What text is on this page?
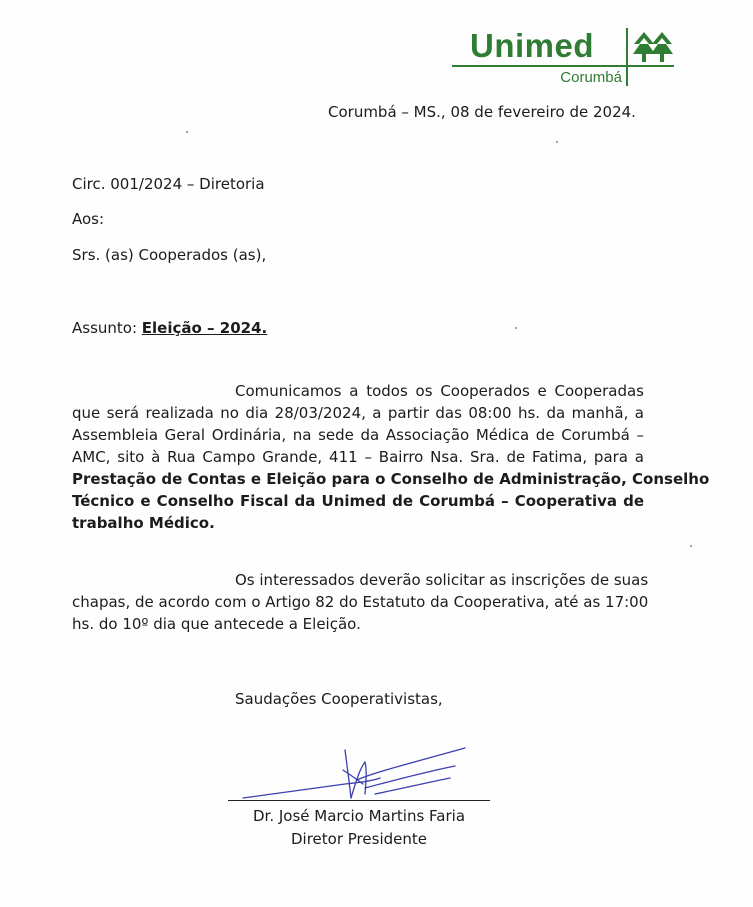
Unimed
Corumbá
Corumbá – MS., 08 de fevereiro de 2024.
Circ. 001/2024 – Diretoria
Aos:
Srs. (as) Cooperados (as),
Assunto: Eleição – 2024.
Comunicamos a todos os Cooperados e Cooperadas
que será realizada no dia 28/03/2024, a partir das 08:00 hs. da manhã, a
Assembleia Geral Ordinária, na sede da Associação Médica de Corumbá –
AMC, sito à Rua Campo Grande, 411 – Bairro Nsa. Sra. de Fatima, para a
Prestação de Contas e Eleição para o Conselho de Administração, Conselho
Técnico e Conselho Fiscal da Unimed de Corumbá – Cooperativa de
trabalho Médico.
Os interessados deverão solicitar as inscrições de suas
chapas, de acordo com o Artigo 82 do Estatuto da Cooperativa, até as 17:00
hs. do 10º dia que antecede a Eleição.
Saudações Cooperativistas,
Dr. José Marcio Martins Faria
Diretor Presidente
